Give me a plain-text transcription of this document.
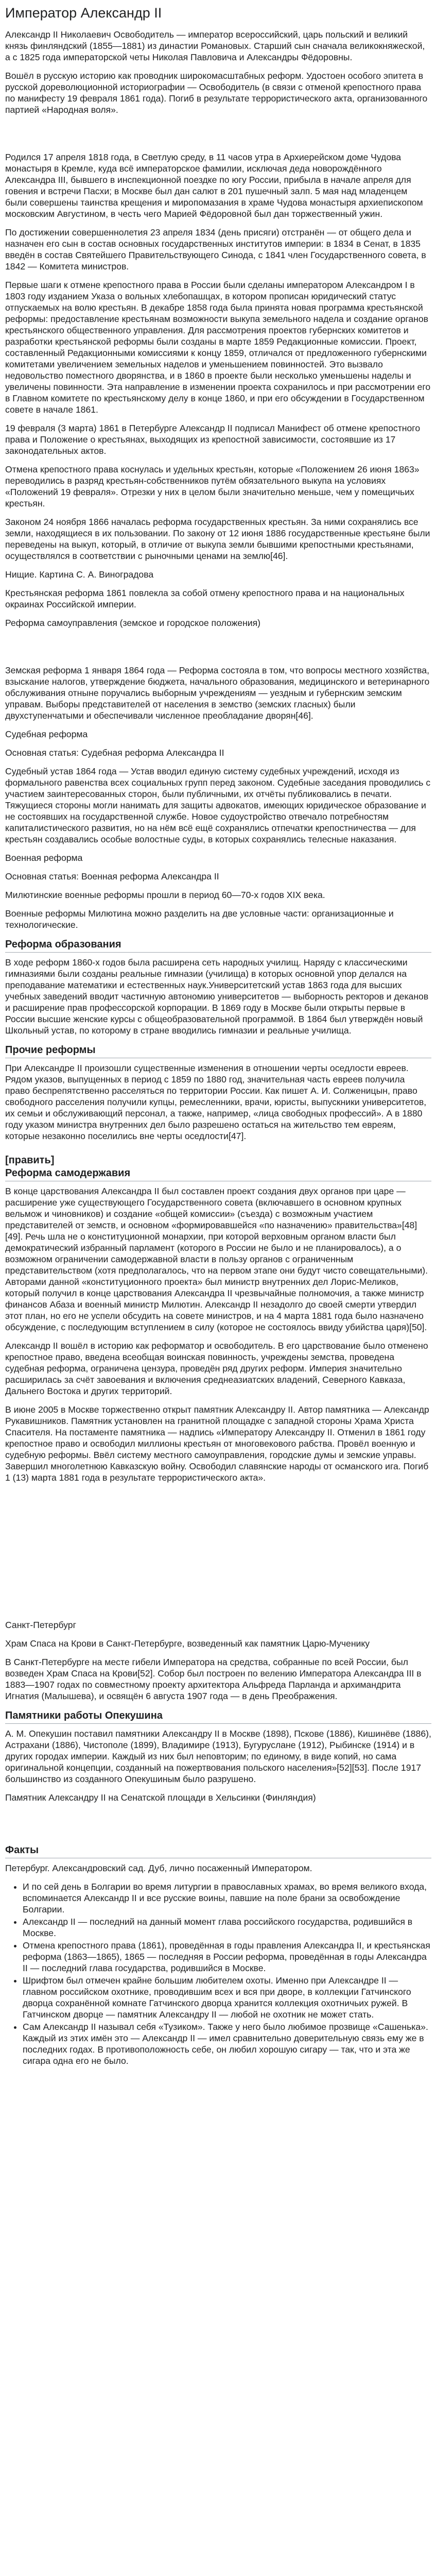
Император Александр II

Александр II Николаевич Освободитель — император всероссийский, царь польский и великий князь финляндский (1855—1881) из династии Романовых. Старший сын сначала великокняжеской, а с 1825 года императорской четы Николая Павловича и Александры Фёдоровны.

Вошёл в русскую историю как проводник широкомасштабных реформ. Удостоен особого эпитета в русской дореволюционной историографии — Освободитель (в связи с отменой крепостного права по манифесту 19 февраля 1861 года). Погиб в результате террористического акта, организованного партией «Народная воля».

Родился 17 апреля 1818 года, в Светлую среду, в 11 часов утра в Архиерейском доме Чудова монастыря в Кремле, куда всё императорское фамилии, исключая деда новорождённого Александра III, бывшего в инспекционной поездке по югу России, прибыла в начале апреля для говения и встречи Пасхи; в Москве был дан салют в 201 пушечный залп. 5 мая над младенцем были совершены таинства крещения и миропомазания в храме Чудова монастыря архиепископом московским Августином, в честь чего Марией Фёдоровной был дан торжественный ужин.

По достижении совершеннолетия 23 апреля 1834 (день присяги) отстранён — от общего дела и назначен его сын в состав основных государственных институтов империи: в 1834 в Сенат, в 1835 введён в состав Святейшего Правительствующего Синода, с 1841 член Государственного совета, в 1842 — Комитета министров.

Первые шаги к отмене крепостного права в России были сделаны императором Александром I в 1803 году изданием Указа о вольных хлебопашцах, в котором прописан юридический статус отпускаемых на волю крестьян. В декабре 1858 года была принята новая программа крестьянской реформы: предоставление крестьянам возможности выкупа земельного надела и создание органов крестьянского общественного управления. Для рассмотрения проектов губернских комитетов и разработки крестьянской реформы были созданы в марте 1859 Редакционные комиссии. Проект, составленный Редакционными комиссиями к концу 1859, отличался от предложенного губернскими комитетами увеличением земельных наделов и уменьшением повинностей. Это вызвало недовольство поместного дворянства, и в 1860 в проекте были несколько уменьшены наделы и увеличены повинности. Эта направление в изменении проекта сохранилось и при рассмотрении его в Главном комитете по крестьянскому делу в конце 1860, и при его обсуждении в Государственном совете в начале 1861.

19 февраля (3 марта) 1861 в Петербурге Александр II подписал Манифест об отмене крепостного права и Положение о крестьянах, выходящих из крепостной зависимости, состоявшие из 17 законодательных актов.

Отмена крепостного права коснулась и удельных крестьян, которые «Положением 26 июня 1863» переводились в разряд крестьян-собственников путём обязательного выкупа на условиях «Положений 19 февраля». Отрезки у них в целом были значительно меньше, чем у помещичьих крестьян.

Законом 24 ноября 1866 началась реформа государственных крестьян. За ними сохранялись все земли, находящиеся в их пользовании. По закону от 12 июня 1886 государственные крестьяне были переведены на выкуп, который, в отличие от выкупа земли бывшими крепостными крестьянами, осуществлялся в соответствии с рыночными ценами на землю[46].

Нищие. Картина С. А. Виноградова

Крестьянская реформа 1861 повлекла за собой отмену крепостного права и на национальных окраинах Российской империи.

Реформа самоуправления (земское и городское положения)

Земская реформа 1 января 1864 года — Реформа состояла в том, что вопросы местного хозяйства, взыскание налогов, утверждение бюджета, начального образования, медицинского и ветеринарного обслуживания отныне поручались выборным учреждениям — уездным и губернским земским управам. Выборы представителей от населения в земство (земских гласных) были двухступенчатыми и обеспечивали численное преобладание дворян[46].

Судебная реформа

Основная статья: Судебная реформа Александра II

Судебный устав 1864 года — Устав вводил единую систему судебных учреждений, исходя из формального равенства всех социальных групп перед законом. Судебные заседания проводились с участием заинтересованных сторон, были публичными, их отчёты публиковались в печати. Тяжущиеся стороны могли нанимать для защиты адвокатов, имеющих юридическое образование и не состоявших на государственной службе. Новое судоустройство отвечало потребностям капиталистического развития, но на нём всё ещё сохранялись отпечатки крепостничества — для крестьян создавались особые волостные суды, в которых сохранялись телесные наказания.

Военная реформа

Основная статья: Военная реформа Александра II

Милютинские военные реформы прошли в период 60—70-х годов XIX века.

Военные реформы Милютина можно разделить на две условные части: организационные и технологические.

Реформа образования

В ходе реформ 1860-х годов была расширена сеть народных училищ. Наряду с классическими гимназиями были созданы реальные гимназии (училища) в которых основной упор делался на преподавание математики и естественных наук.Университетский устав 1863 года для высших учебных заведений вводит частичную автономию университетов — выборность ректоров и деканов и расширение прав профессорской корпорации. В 1869 году в Москве были открыты первые в России высшие женские курсы с общеобразовательной программой. В 1864 был утверждён новый Школьный устав, по которому в стране вводились гимназии и реальные училища.

Прочие реформы

При Александре II произошли существенные изменения в отношении черты оседлости евреев. Рядом указов, выпущенных в период с 1859 по 1880 год, значительная часть евреев получила право беспрепятственно расселяться по территории России. Как пишет А. И. Солженицын, право свободного расселения получили купцы, ремесленники, врачи, юристы, выпускники университетов, их семьи и обслуживающий персонал, а также, например, «лица свободных профессий». А в 1880 году указом министра внутренних дел было разрешено остаться на жительство тем евреям, которые незаконно поселились вне черты оседлости[47].

[править]
Реформа самодержавия

В конце царствования Александра II был составлен проект создания двух органов при царе — расширение уже существующего Государственного совета (включавшего в основном крупных вельмож и чиновников) и создание «общей комиссии» (съезда) с возможным участием представителей от земств, и основном «формировавшейся «по назначению» правительства»[48][49]. Речь шла не о конституционной монархии, при которой верховным органом власти был демократический избранный парламент (которого в России не было и не планировалось), а о возможном ограничении самодержавной власти в пользу органов с ограниченным представительством (хотя предполагалось, что на первом этапе они будут чисто совещательными). Авторами данной «конституционного проекта» был министр внутренних дел Лорис-Меликов, который получил в конце царствования Александра II чрезвычайные полномочия, а также министр финансов Абаза и военный министр Милютин. Александр II незадолго до своей смерти утвердил этот план, но его не успели обсудить на совете министров, и на 4 марта 1881 года было назначено обсуждение, с последующим вступлением в силу (которое не состоялось ввиду убийства царя)[50].

Александр II вошёл в историю как реформатор и освободитель. В его царствование было отменено крепостное право, введена всеобщая воинская повинность, учреждены земства, проведена судебная реформа, ограничена цензура, проведён ряд других реформ. Империя значительно расширилась за счёт завоевания и включения среднеазиатских владений, Северного Кавказа, Дальнего Востока и других территорий.

В июне 2005 в Москве торжественно открыт памятник Александру II. Автор памятника — Александр Рукавишников. Памятник установлен на гранитной площадке с западной стороны Храма Христа Спасителя. На постаменте памятника — надпись «Императору Александру II. Отменил в 1861 году крепостное право и освободил миллионы крестьян от многовекового рабства. Провёл военную и судебную реформы. Ввёл систему местного самоуправления, городские думы и земские управы. Завершил многолетнюю Кавказскую войну. Освободил славянские народы от османского ига. Погиб 1 (13) марта 1881 года в результате террористического акта».

Санкт-Петербург

Храм Спаса на Крови в Санкт-Петербурге, возведенный как памятник Царю-Мученику

В Санкт-Петербурге на месте гибели Императора на средства, собранные по всей России, был возведен Храм Спаса на Крови[52]. Собор был построен по велению Императора Александра III в 1883—1907 годах по совместному проекту архитектора Альфреда Парланда и архимандрита Игнатия (Малышева), и освящён 6 августа 1907 года — в день Преображения.

Памятники работы Опекушина

А. М. Опекушин поставил памятники Александру II в Москве (1898), Пскове (1886), Кишинёве (1886), Астрахани (1886), Чистополе (1899), Владимире (1913), Бугуруслане (1912), Рыбинске (1914) и в других городах империи. Каждый из них был неповторим; по единому, в виде копий, но сама оригинальной концепции, созданный на пожертвования польского населения»[52][53]. После 1917 большинство из созданного Опекушиным было разрушено.

Памятник Александру II на Сенатской площади в Хельсинки (Финляндия)

Факты

Петербург. Александровский сад. Дуб, лично посаженный Императором.

• И по сей день в Болгарии во время литургии в православных храмах, во время великого входа, вспоминается Александр II и все русские воины, павшие на поле брани за освобождение Болгарии.
• Александр II — последний на данный момент глава российского государства, родившийся в Москве.
• Отмена крепостного права (1861), проведённая в годы правления Александра II, и крестьянская реформа (1863—1865), 1865 — последняя в России реформа, проведённая в годы Александра II — последний глава государства, родившийся в Москве.
• Шрифтом был отмечен крайне большим любителем охоты. Именно при Александре II — главном российском охотнике, проводившим всех и вся при дворе, в коллекции Гатчинского дворца сохранённой комнате Гатчинского дворца хранится коллекция охотничьих ружей. В Гатчинском дворце — памятник Александру II — любой не охотник не может стать.
• Сам Александр II называл себя «Тузиком». Также у него было любимое прозвище «Сашенька». Каждый из этих имён это — Александр II — имел сравнительно доверительную связь ему же в последних годах. В противоположность себе, он любил хорошую сигару — так, что и эта же сигара одна его не было.
